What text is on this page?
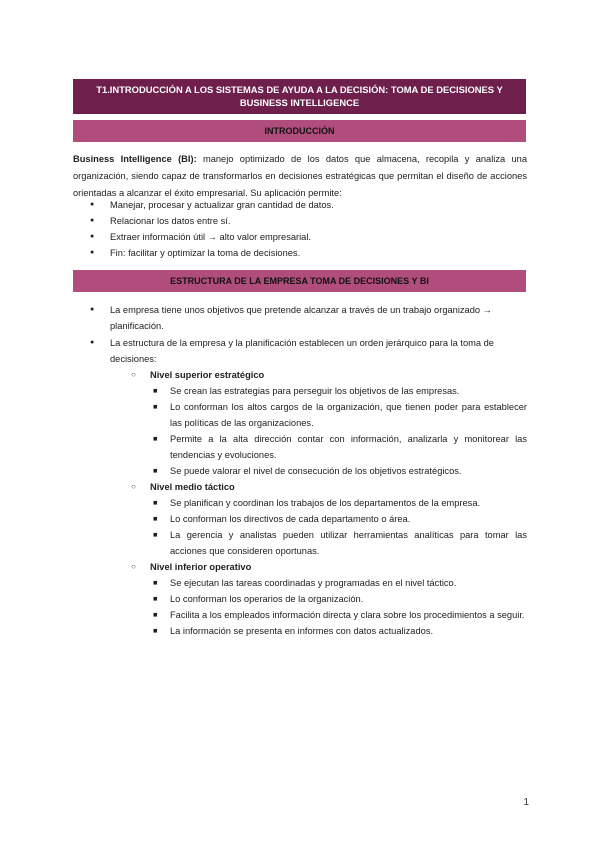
T1.INTRODUCCIÓN A LOS SISTEMAS DE AYUDA A LA DECISIÓN: TOMA DE DECISIONES Y BUSINESS INTELLIGENCE
INTRODUCCIÓN

Business Intelligence (BI): manejo optimizado de los datos que almacena, recopila y analiza una organización, siendo capaz de transformarlos en decisiones estratégicas que permitan el diseño de acciones orientadas a alcanzar el éxito empresarial. Su aplicación permite:

● Manejar, procesar y actualizar gran cantidad de datos.
● Relacionar los datos entre sí.
● Extraer información útil → alto valor empresarial.
● Fin: facilitar y optimizar la toma de decisiones.
ESTRUCTURA DE LA EMPRESA TOMA DE DECISIONES Y BI
● La empresa tiene unos objetivos que pretende alcanzar a través de un trabajo organizado → planificación.
● La estructura de la empresa y la planificación establecen un orden jerárquico para la toma de decisiones:
○ Nivel superior estratégico
■ Se crean las estrategias para perseguir los objetivos de las empresas.
■ Lo conforman los altos cargos de la organización, que tienen poder para establecer las políticas de las organizaciones.
■ Permite a la alta dirección contar con información, analizarla y monitorear las tendencias y evoluciones.
■ Se puede valorar el nivel de consecución de los objetivos estratégicos.
○ Nivel medio táctico
■ Se planifican y coordinan los trabajos de los departamentos de la empresa.
■ Lo conforman los directivos de cada departamento o área.
■ La gerencia y analistas pueden utilizar herramientas analíticas para tomar las acciones que consideren oportunas.
○ Nivel inferior operativo
■ Se ejecutan las tareas coordinadas y programadas en el nivel táctico.
■ Lo conforman los operarios de la organización.
■ Facilita a los empleados información directa y clara sobre los procedimientos a seguir.
■ La información se presenta en informes con datos actualizados.
1
